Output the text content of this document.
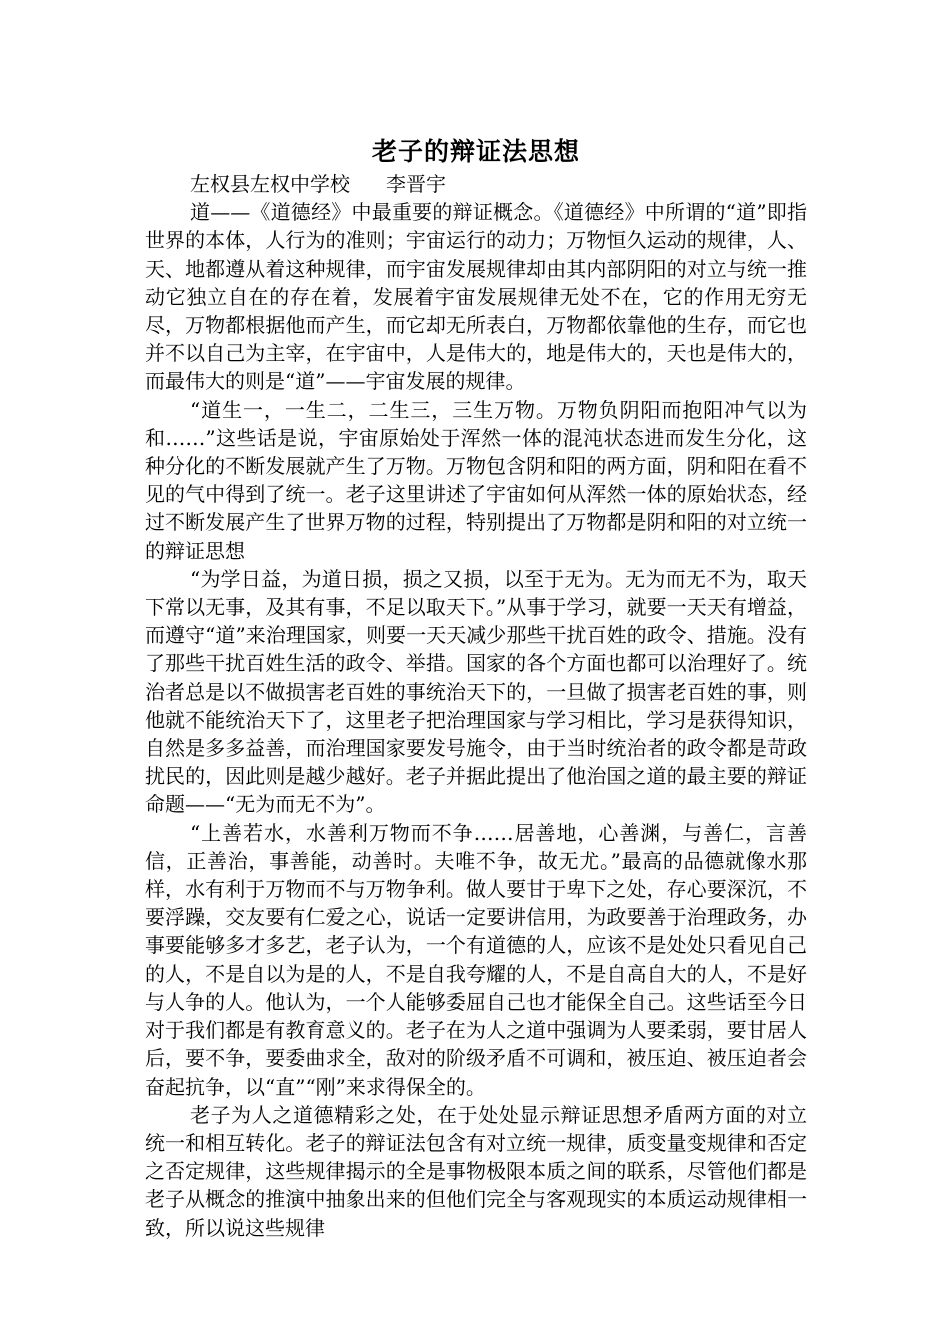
老子的辩证法思想

左权县左权中学校 李晋宇

道——《道德经》中最重要的辩证概念。《道德经》中所谓的“道”即指世界的本体，人行为的准则；宇宙运行的动力；万物恒久运动的规律，人、天、地都遵从着这种规律，而宇宙发展规律却由其内部阴阳的对立与统一推动它独立自在的存在着，发展着宇宙发展规律无处不在，它的作用无穷无尽，万物都根据他而产生，而它却无所表白，万物都依靠他的生存，而它也并不以自己为主宰，在宇宙中，人是伟大的，地是伟大的，天也是伟大的，而最伟大的则是“道”——宇宙发展的规律。

“道生一，一生二，二生三，三生万物。万物负阴阳而抱阳冲气以为和……”这些话是说，宇宙原始处于浑然一体的混沌状态进而发生分化，这种分化的不断发展就产生了万物。万物包含阴和阳的两方面，阴和阳在看不见的气中得到了统一。老子这里讲述了宇宙如何从浑然一体的原始状态，经过不断发展产生了世界万物的过程，特别提出了万物都是阴和阳的对立统一的辩证思想

“为学日益，为道日损，损之又损，以至于无为。无为而无不为，取天下常以无事，及其有事，不足以取天下。”从事于学习，就要一天天有增益，而遵守“道”来治理国家，则要一天天减少那些干扰百姓的政令、措施。没有了那些干扰百姓生活的政令、举措。国家的各个方面也都可以治理好了。统治者总是以不做损害老百姓的事统治天下的，一旦做了损害老百姓的事，则他就不能统治天下了，这里老子把治理国家与学习相比，学习是获得知识，自然是多多益善，而治理国家要发号施令，由于当时统治者的政令都是苛政扰民的，因此则是越少越好。老子并据此提出了他治国之道的最主要的辩证命题——“无为而无不为”。

“上善若水，水善利万物而不争……居善地，心善渊，与善仁，言善信，正善治，事善能，动善时。夫唯不争，故无尤。”最高的品德就像水那样，水有利于万物而不与万物争利。做人要甘于卑下之处，存心要深沉，不要浮躁，交友要有仁爱之心，说话一定要讲信用，为政要善于治理政务，办事要能够多才多艺，老子认为，一个有道德的人，应该不是处处只看见自己的人，不是自以为是的人，不是自我夸耀的人，不是自高自大的人，不是好与人争的人。他认为，一个人能够委屈自己也才能保全自己。这些话至今日对于我们都是有教育意义的。老子在为人之道中强调为人要柔弱，要甘居人后，要不争，要委曲求全，敌对的阶级矛盾不可调和，被压迫、被压迫者会奋起抗争，以“直”“刚”来求得保全的。

老子为人之道德精彩之处，在于处处显示辩证思想矛盾两方面的对立统一和相互转化。老子的辩证法包含有对立统一规律，质变量变规律和否定之否定规律，这些规律揭示的全是事物极限本质之间的联系，尽管他们都是老子从概念的推演中抽象出来的但他们完全与客观现实的本质运动规律相一致，所以说这些规律
